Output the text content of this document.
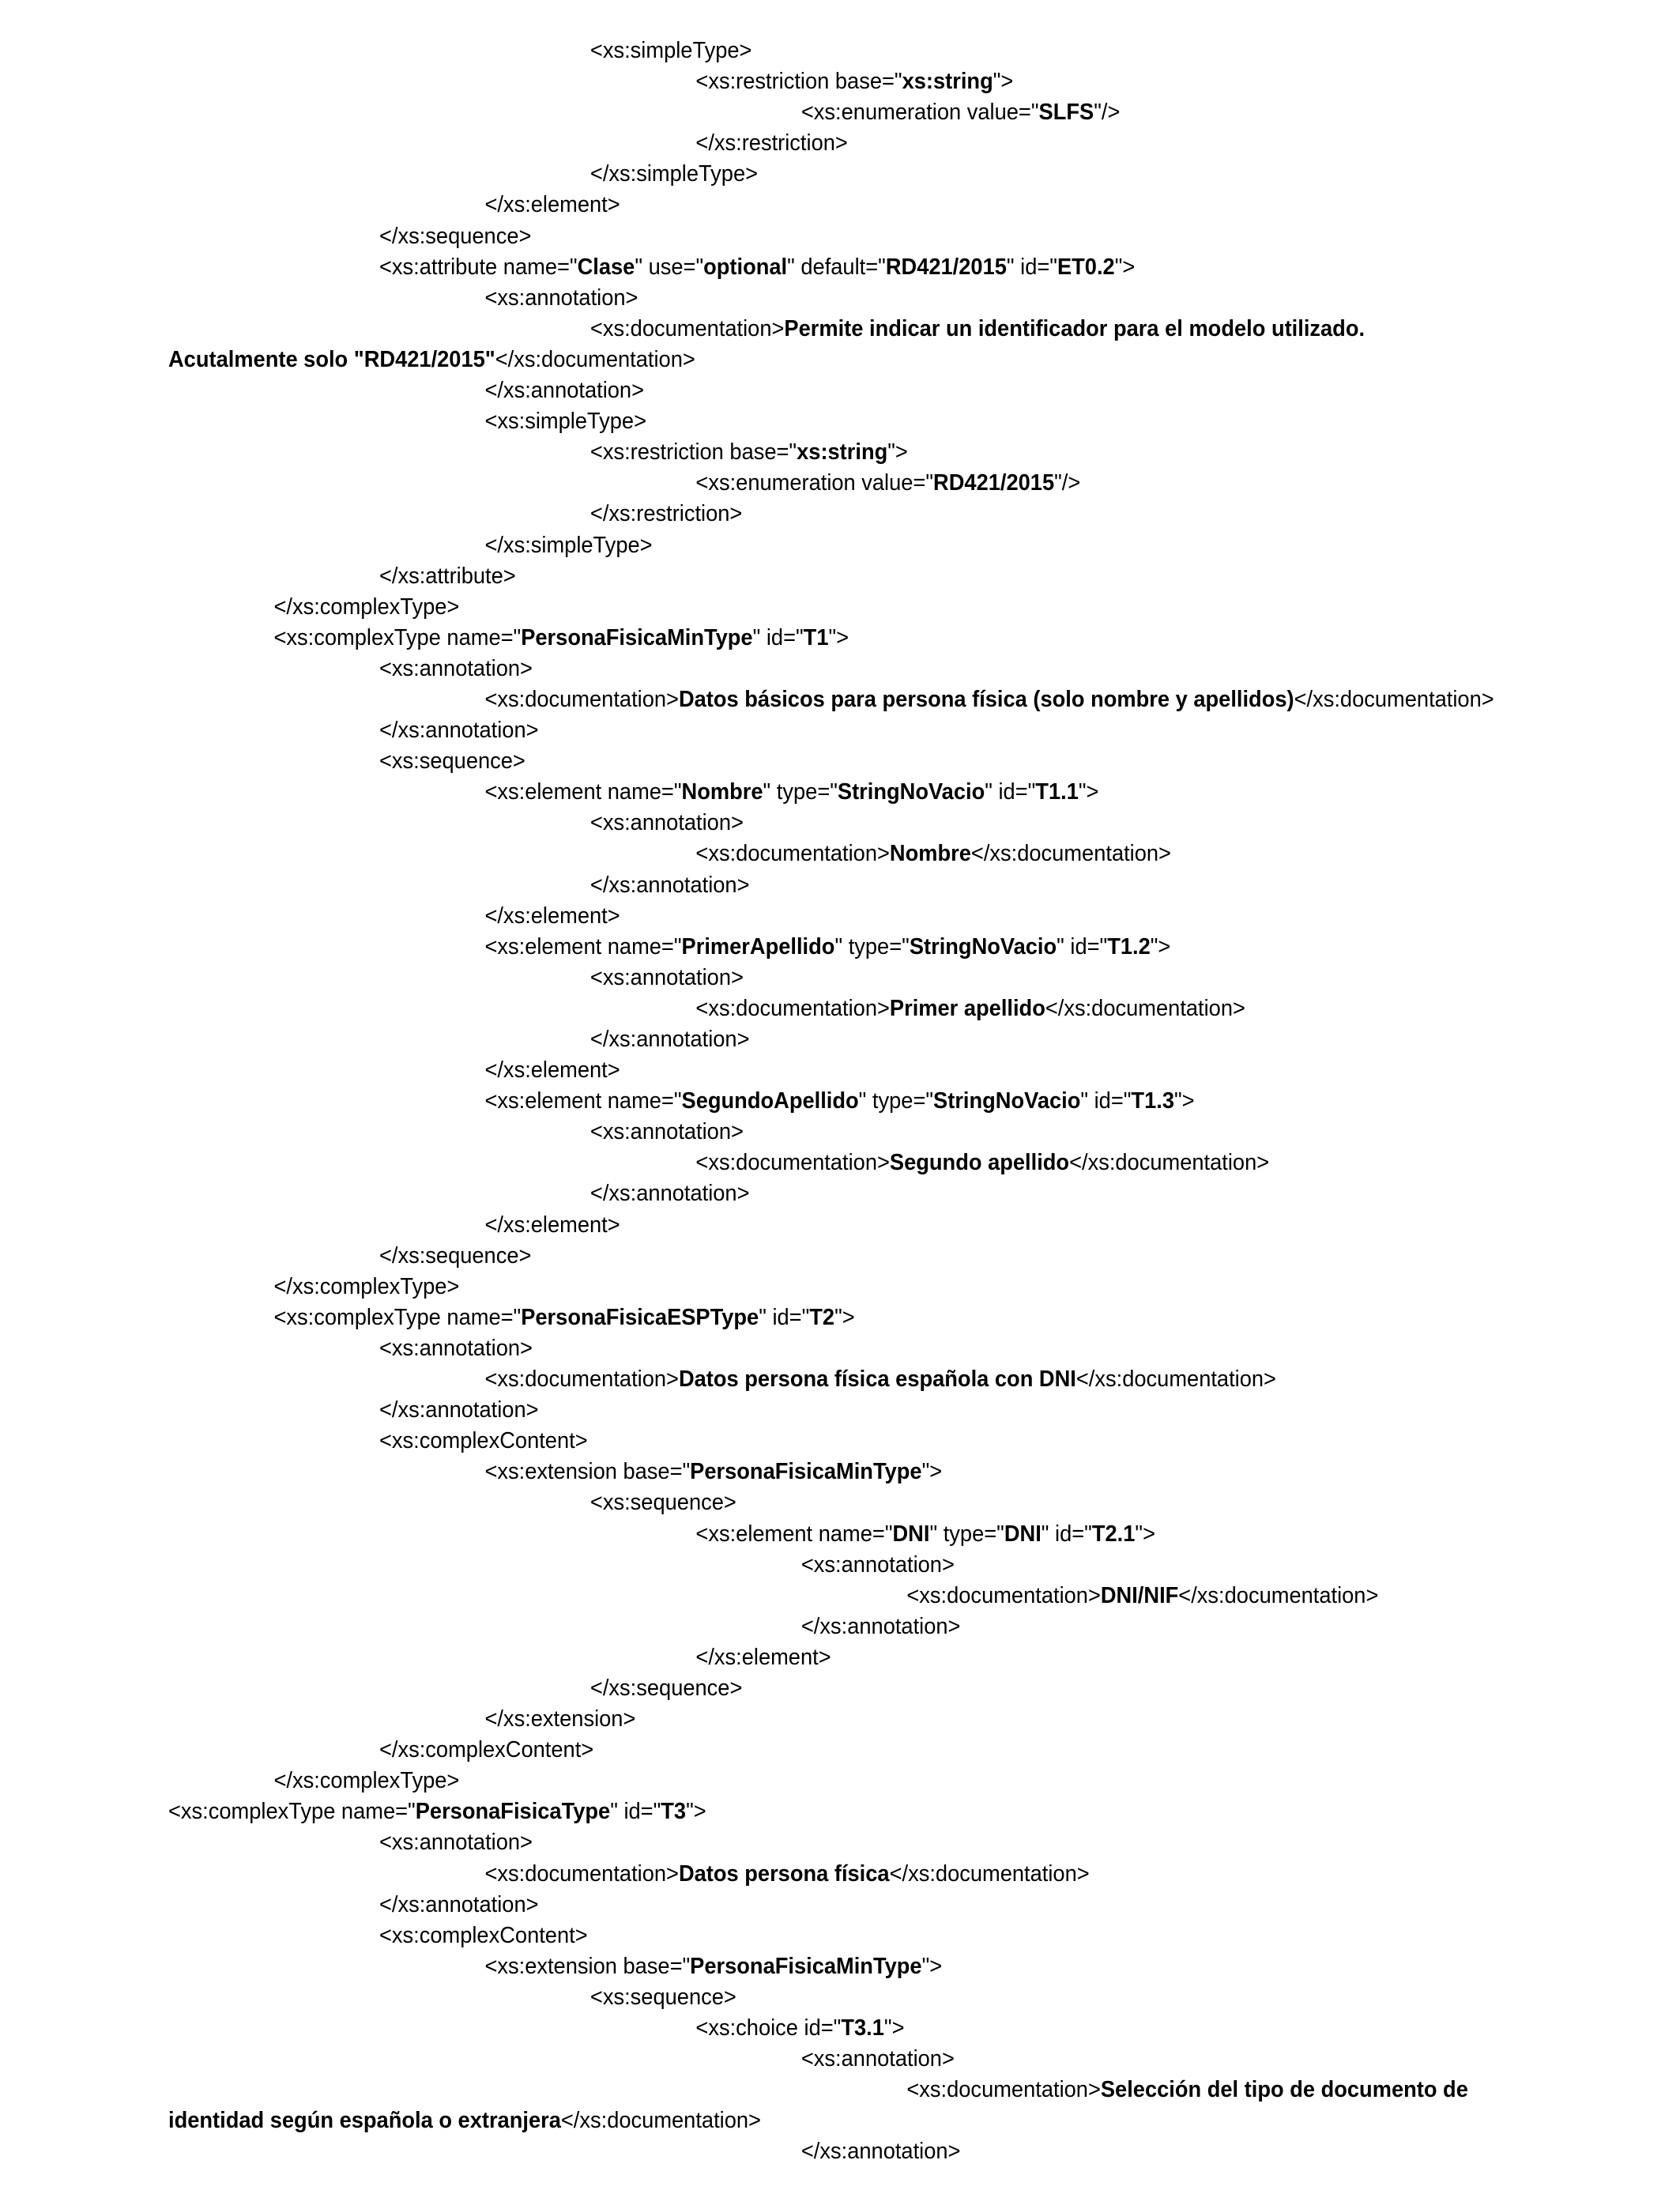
<xs:simpleType>
<xs:restriction base="xs:string">
<xs:enumeration value="SLFS"/>
</xs:restriction>
</xs:simpleType>
</xs:element>
</xs:sequence>
<xs:attribute name="Clase" use="optional" default="RD421/2015" id="ET0.2">
<xs:annotation>
<xs:documentation>Permite indicar un identificador para el modelo utilizado.
Acutalmente solo "RD421/2015"</xs:documentation>
</xs:annotation>
<xs:simpleType>
<xs:restriction base="xs:string">
<xs:enumeration value="RD421/2015"/>
</xs:restriction>
</xs:simpleType>
</xs:attribute>
</xs:complexType>
<xs:complexType name="PersonaFisicaMinType" id="T1">
<xs:annotation>
<xs:documentation>Datos básicos para persona física (solo nombre y apellidos)</xs:documentation>
</xs:annotation>
<xs:sequence>
<xs:element name="Nombre" type="StringNoVacio" id="T1.1">
<xs:annotation>
<xs:documentation>Nombre</xs:documentation>
</xs:annotation>
</xs:element>
<xs:element name="PrimerApellido" type="StringNoVacio" id="T1.2">
<xs:annotation>
<xs:documentation>Primer apellido</xs:documentation>
</xs:annotation>
</xs:element>
<xs:element name="SegundoApellido" type="StringNoVacio" id="T1.3">
<xs:annotation>
<xs:documentation>Segundo apellido</xs:documentation>
</xs:annotation>
</xs:element>
</xs:sequence>
</xs:complexType>
<xs:complexType name="PersonaFisicaESPType" id="T2">
<xs:annotation>
<xs:documentation>Datos persona física española con DNI</xs:documentation>
</xs:annotation>
<xs:complexContent>
<xs:extension base="PersonaFisicaMinType">
<xs:sequence>
<xs:element name="DNI" type="DNI" id="T2.1">
<xs:annotation>
<xs:documentation>DNI/NIF</xs:documentation>
</xs:annotation>
</xs:element>
</xs:sequence>
</xs:extension>
</xs:complexContent>
</xs:complexType>
<xs:complexType name="PersonaFisicaType" id="T3">
<xs:annotation>
<xs:documentation>Datos persona física</xs:documentation>
</xs:annotation>
<xs:complexContent>
<xs:extension base="PersonaFisicaMinType">
<xs:sequence>
<xs:choice id="T3.1">
<xs:annotation>
<xs:documentation>Selección del tipo de documento de
identidad según española o extranjera</xs:documentation>
</xs:annotation>
